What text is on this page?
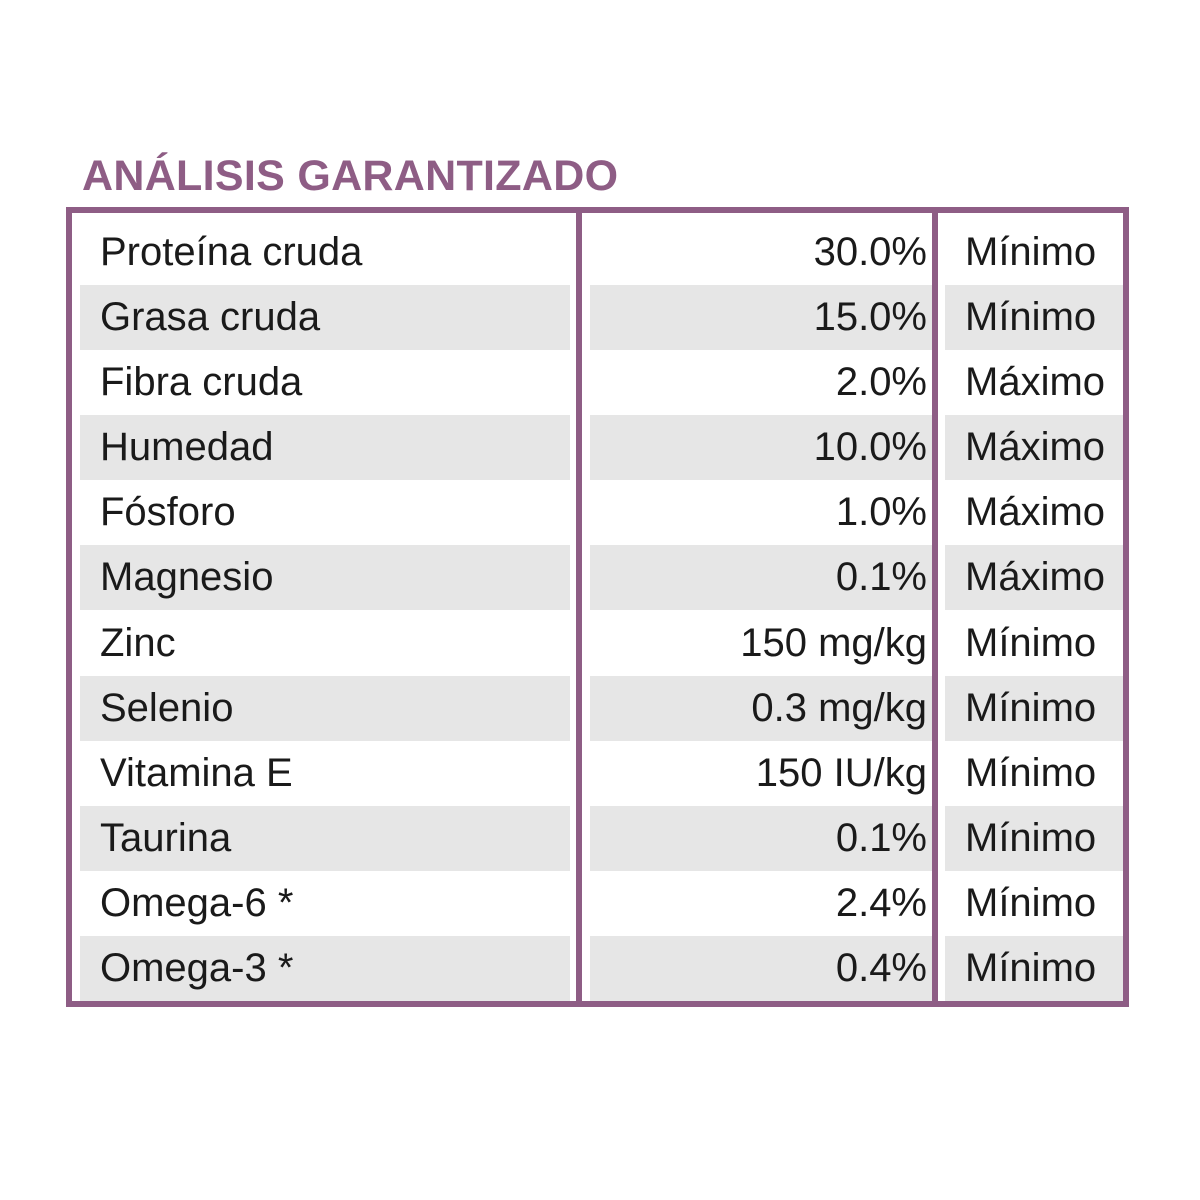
ANÁLISIS GARANTIZADO
Proteína cruda	30.0% Mínimo
Grasa cruda	15.0% Mínimo
Fibra cruda	2.0% Máximo
Humedad	10.0% Máximo
Fósforo	1.0% Máximo
Magnesio	0.1% Máximo
Zinc	150 mg/kg Mínimo
Selenio	0.3 mg/kg Mínimo
Vitamina E	150 IU/kg Mínimo
Taurina	0.1% Mínimo
Omega-6 *	2.4% Mínimo
Omega-3 *	0.4% Mínimo
